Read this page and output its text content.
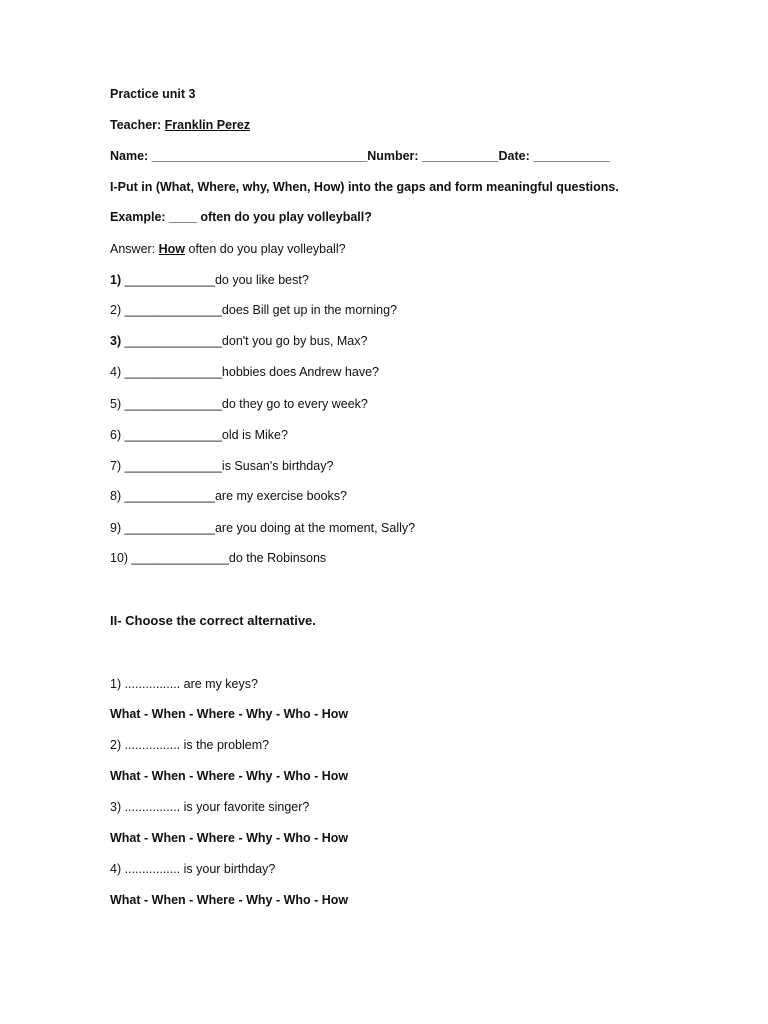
Practice unit 3
Teacher: Franklin Perez
Name: _______________________________Number: ___________Date: ___________
I-Put in (What, Where, why, When, How) into the gaps and form meaningful questions.
Example: ____ often do you play volleyball?
Answer: How often do you play volleyball?
1) _____________do you like best?
2) ______________does Bill get up in the morning?
3) ______________don't you go by bus, Max?
4) ______________hobbies does Andrew have?
5) ______________do they go to every week?
6) ______________old is Mike?
7) ______________is Susan's birthday?
8) _____________are my exercise books?
9) _____________are you doing at the moment, Sally?
10) ______________do the Robinsons
II- Choose the correct alternative.
1) ................ are my keys?
What - When - Where - Why - Who - How
2) ................ is the problem?
What - When - Where - Why - Who - How
3) ................ is your favorite singer?
What - When - Where - Why - Who - How
4) ................ is your birthday?
What - When - Where - Why - Who - How
